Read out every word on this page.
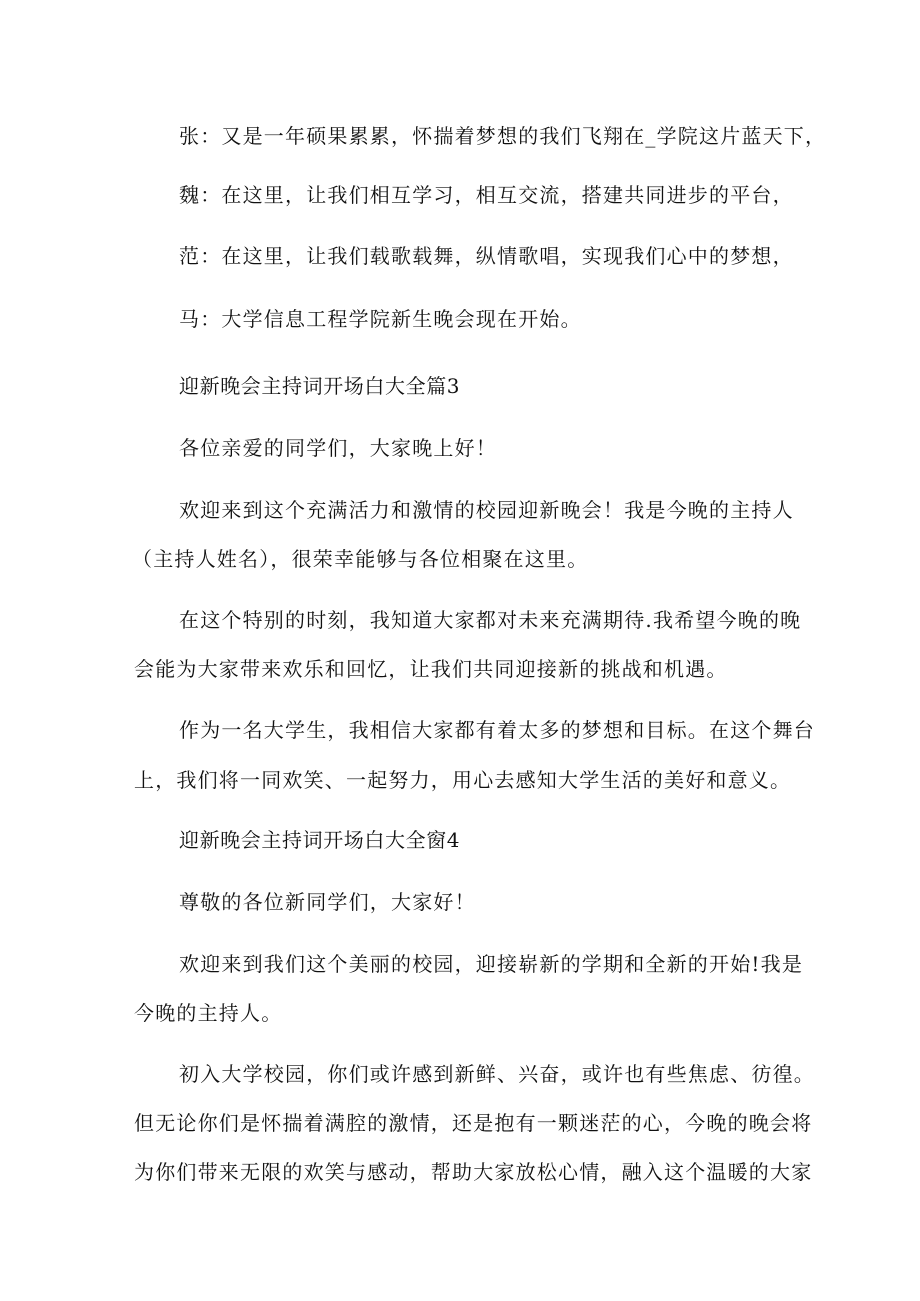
张：又是一年硕果累累，怀揣着梦想的我们飞翔在_学院这片蓝天下，
魏：在这里，让我们相互学习，相互交流，搭建共同进步的平台，
范：在这里，让我们载歌载舞，纵情歌唱，实现我们心中的梦想，
马：大学信息工程学院新生晚会现在开始。
迎新晚会主持词开场白大全篇3
各位亲爱的同学们，大家晚上好！
欢迎来到这个充满活力和激情的校园迎新晚会！我是今晚的主持人
（主持人姓名），很荣幸能够与各位相聚在这里。
在这个特别的时刻，我知道大家都对未来充满期待.我希望今晚的晚
会能为大家带来欢乐和回忆，让我们共同迎接新的挑战和机遇。
作为一名大学生，我相信大家都有着太多的梦想和目标。在这个舞台
上，我们将一同欢笑、一起努力，用心去感知大学生活的美好和意义。
迎新晚会主持词开场白大全窗4
尊敬的各位新同学们，大家好！
欢迎来到我们这个美丽的校园，迎接崭新的学期和全新的开始!我是
今晚的主持人。
初入大学校园，你们或许感到新鲜、兴奋，或许也有些焦虑、彷徨。
但无论你们是怀揣着满腔的激情，还是抱有一颗迷茫的心，今晚的晚会将
为你们带来无限的欢笑与感动，帮助大家放松心情，融入这个温暖的大家
